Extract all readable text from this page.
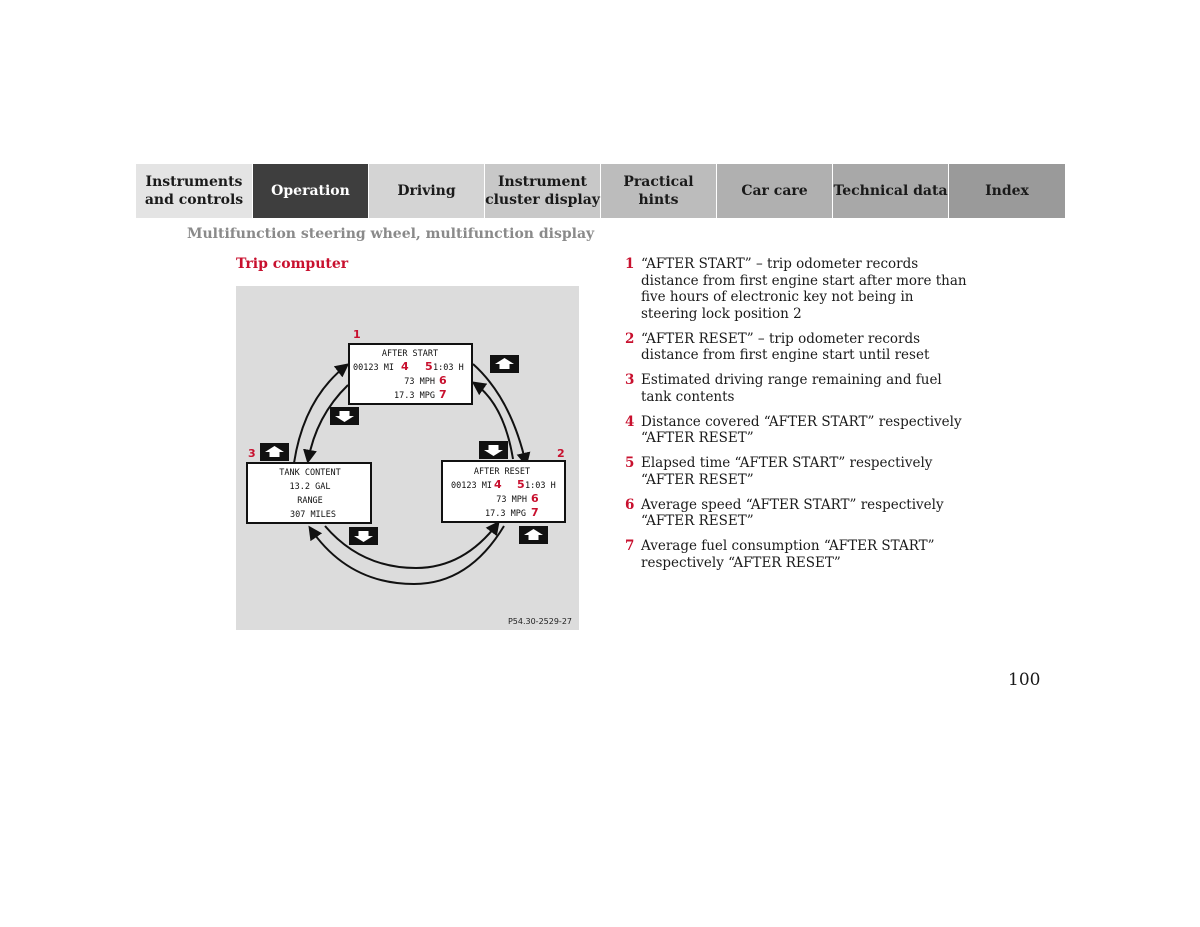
Instruments and controls
Operation	Driving
Instrument cluster display
Practical hints
Car care	Technical data	Index
Multifunction steering wheel, multifunction display
Trip computer
AFTER START
00123 MI 4 5 1:03 H
73 MPH 6
17.3 MPG 7
1
AFTER RESET
00123 MI 4 5 1:03 H
73 MPH 6
17.3 MPG 7
2
TANK CONTENT
13.2 GAL
RANGE
307 MILES
3
P54.30-2529-27
1 “AFTER START” – trip odometer records distance from first engine start after more than five hours of electronic key not being in steering lock position 2
2 “AFTER RESET” – trip odometer records distance from first engine start until reset
3 Estimated driving range remaining and fuel tank contents
4 Distance covered “AFTER START” respectively “AFTER RESET”
5 Elapsed time “AFTER START” respectively “AFTER RESET”
6 Average speed “AFTER START” respectively “AFTER RESET”
7 Average fuel consumption “AFTER START” respectively “AFTER RESET”
100
